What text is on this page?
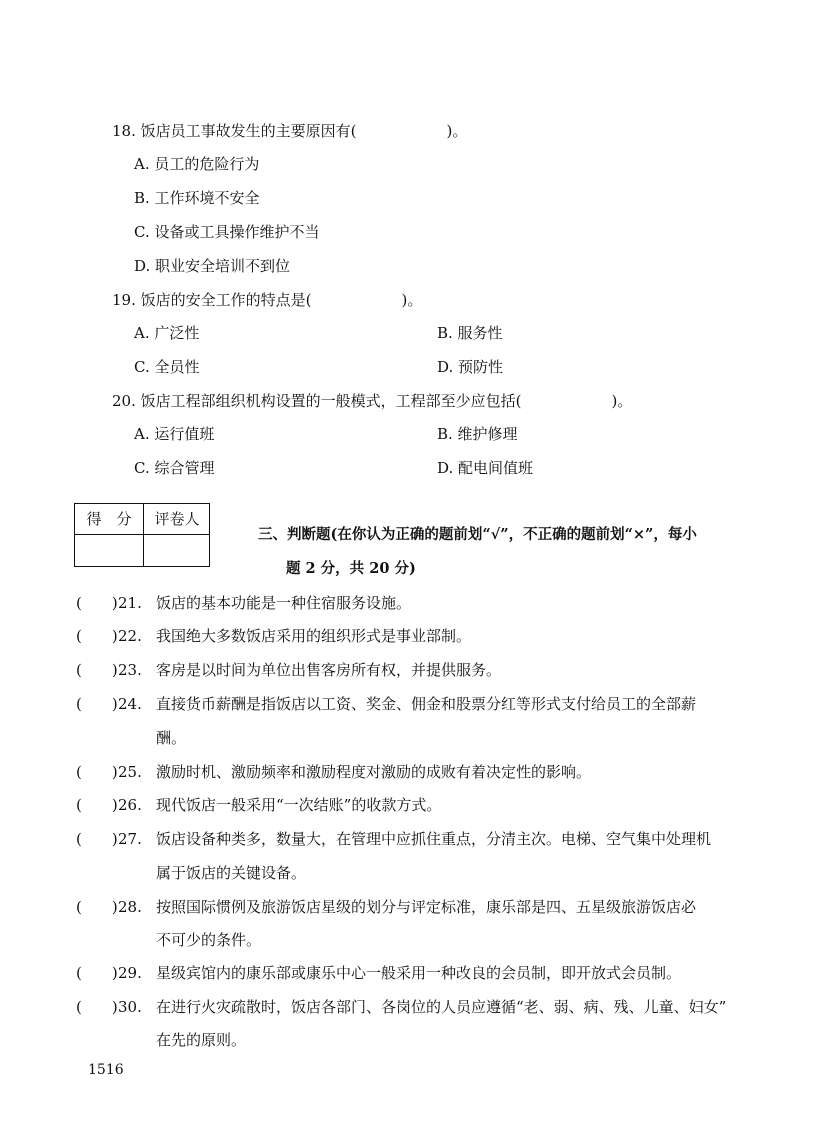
18. 饭店员工事故发生的主要原因有(　　　　　　)。
A. 员工的危险行为
B. 工作环境不安全
C. 设备或工具操作维护不当
D. 职业安全培训不到位
19. 饭店的安全工作的特点是(　　　　　　)。
A. 广泛性	B. 服务性
C. 全员性	D. 预防性
20. 饭店工程部组织机构设置的一般模式，工程部至少应包括(　　　　　　)。
A. 运行值班	B. 维护修理
C. 综合管理	D. 配电间值班
得　分	评卷人
三、判断题(在你认为正确的题前划“√”，不正确的题前划“×”，每小
题 2 分，共 20 分)
(　　) 21. 饭店的基本功能是一种住宿服务设施。
(　　) 22. 我国绝大多数饭店采用的组织形式是事业部制。
(　　) 23. 客房是以时间为单位出售客房所有权，并提供服务。
(　　) 24. 直接货币薪酬是指饭店以工资、奖金、佣金和股票分红等形式支付给员工的全部薪
酬。
(　　) 25. 激励时机、激励频率和激励程度对激励的成败有着决定性的影响。
(　　) 26. 现代饭店一般采用“一次结账”的收款方式。
(　　) 27. 饭店设备种类多，数量大，在管理中应抓住重点，分清主次。电梯、空气集中处理机
属于饭店的关键设备。
(　　) 28. 按照国际惯例及旅游饭店星级的划分与评定标准，康乐部是四、五星级旅游饭店必
不可少的条件。
(　　) 29. 星级宾馆内的康乐部或康乐中心一般采用一种改良的会员制，即开放式会员制。
(　　) 30. 在进行火灾疏散时，饭店各部门、各岗位的人员应遵循“老、弱、病、残、儿童、妇女”
在先的原则。
1516
